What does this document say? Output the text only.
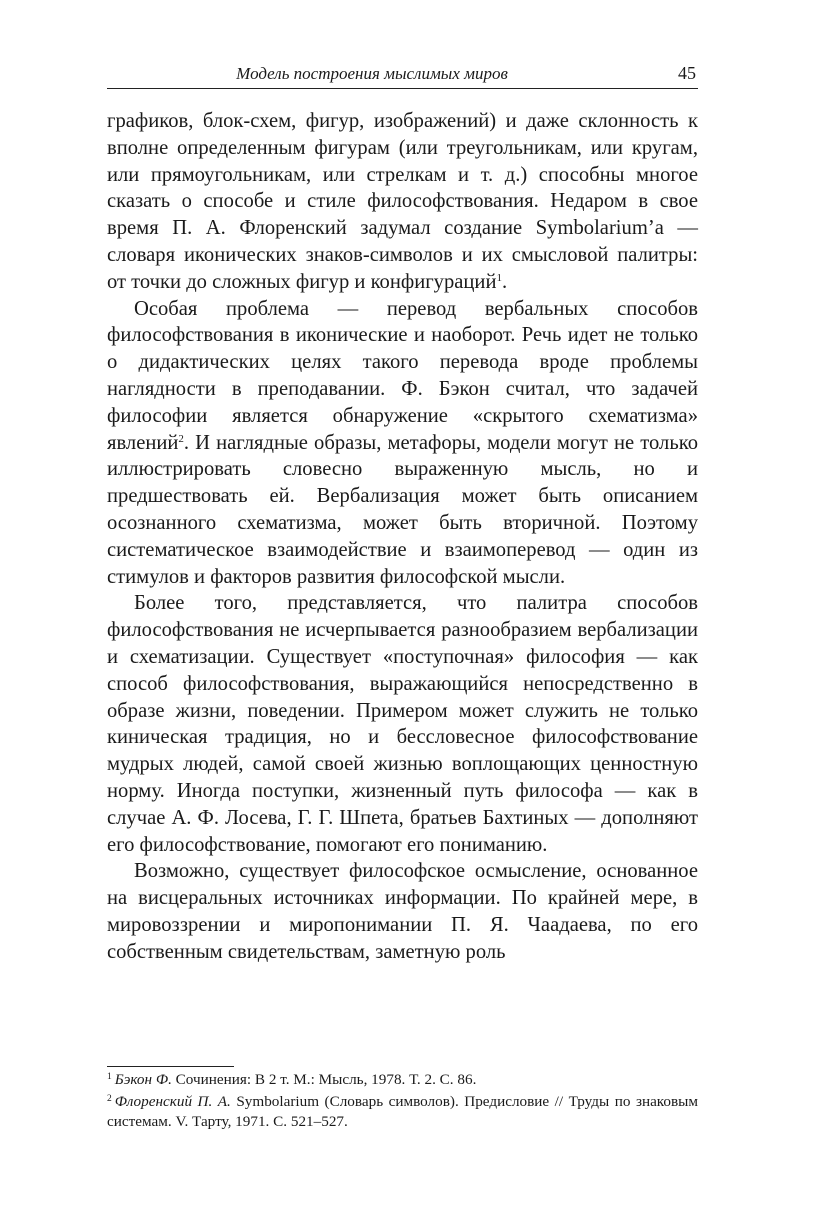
Модель построения мыслимых миров	45

графиков, блок-схем, фигур, изображений) и даже склонность к вполне определенным фигурам (или треугольникам, или кругам, или прямоугольникам, или стрелкам и т. д.) способны многое сказать о способе и стиле философствования. Недаром в свое время П. А. Флоренский задумал создание Symbolarium’а — словаря иконических знаков-символов и их смысловой палитры: от точки до сложных фигур и конфигураций$^1$.

Особая проблема — перевод вербальных способов философствования в иконические и наоборот. Речь идет не только о дидактических целях такого перевода вроде проблемы наглядности в преподавании. Ф. Бэкон считал, что задачей философии является обнаружение «скрытого схематизма» явлений$^2$. И наглядные образы, метафоры, модели могут не только иллюстрировать словесно выраженную мысль, но и предшествовать ей. Вербализация может быть описанием осознанного схематизма, может быть вторичной. Поэтому систематическое взаимодействие и взаимоперевод — один из стимулов и факторов развития философской мысли.

Более того, представляется, что палитра способов философствования не исчерпывается разнообразием вербализации и схематизации. Существует «поступочная» философия — как способ философствования, выражающийся непосредственно в образе жизни, поведении. Примером может служить не только киническая традиция, но и бессловесное философствование мудрых людей, самой своей жизнью воплощающих ценностную норму. Иногда поступки, жизненный путь философа — как в случае А. Ф. Лосева, Г. Г. Шпета, братьев Бахтиных — дополняют его философствование, помогают его пониманию.

Возможно, существует философское осмысление, основанное на висцеральных источниках информации. По крайней мере, в мировоззрении и миропонимании П. Я. Чаадаева, по его собственным свидетельствам, заметную роль

$^1$ Бэкон Ф. Сочинения: В 2 т. М.: Мысль, 1978. Т. 2. С. 86.

$^2$ Флоренский П. А. Symbolarium (Словарь символов). Предисловие // Труды по знаковым системам. V. Тарту, 1971. С. 521–527.
